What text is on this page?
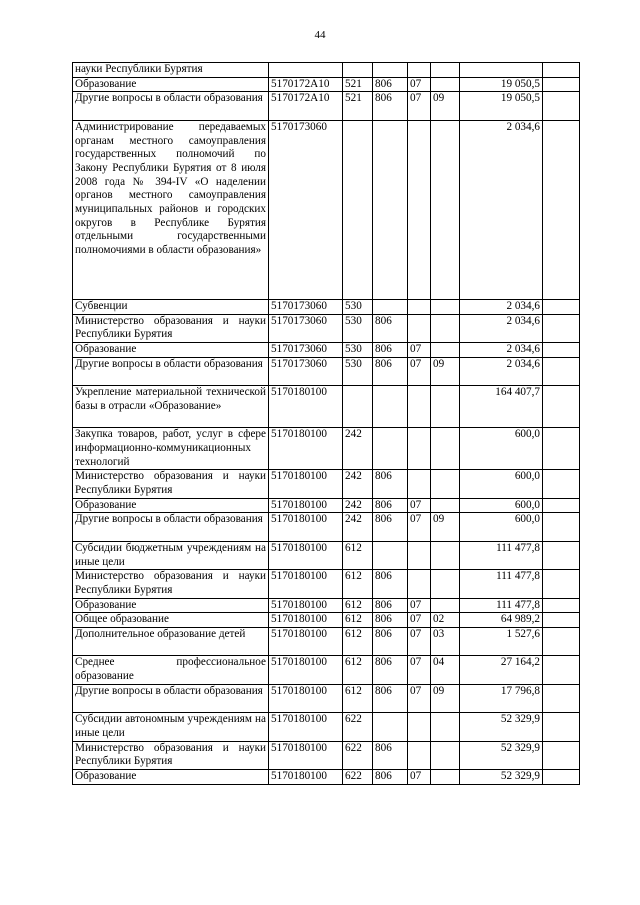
44
науки Республики Бурятия							
Образование	5170172А10	521	806	07		19 050,5	
Другие вопросы в области образования	5170172А10	521	806	07	09	19 050,5	
Администрирование передаваемых органам местного самоуправления государственных полномочий по Закону Республики Бурятия от 8 июля 2008 года № 394-IV «О наделении органов местного самоуправления муниципальных районов и городских округов в Республике Бурятия отдельными государственными полномочиями в области образования»	5170173060					2 034,6	
Субвенции	5170173060	530				2 034,6	
Министерство образования и науки Республики Бурятия	5170173060	530	806			2 034,6	
Образование	5170173060	530	806	07		2 034,6	
Другие вопросы в области образования	5170173060	530	806	07	09	2 034,6	
Укрепление материальной технической базы в отрасли «Образование»	5170180100					164 407,7	
Закупка товаров, работ, услуг в сфере информационно-коммуникационных технологий	5170180100	242				600,0	
Министерство образования и науки Республики Бурятия	5170180100	242	806			600,0	
Образование	5170180100	242	806	07		600,0	
Другие вопросы в области образования	5170180100	242	806	07	09	600,0	
Субсидии бюджетным учреждениям на иные цели	5170180100	612				111 477,8	
Министерство образования и науки Республики Бурятия	5170180100	612	806			111 477,8	
Образование	5170180100	612	806	07		111 477,8	
Общее образование	5170180100	612	806	07	02	64 989,2	
Дополнительное образование детей	5170180100	612	806	07	03	1 527,6	
Среднее профессиональное образование	5170180100	612	806	07	04	27 164,2	
Другие вопросы в области образования	5170180100	612	806	07	09	17 796,8	
Субсидии автономным учреждениям на иные цели	5170180100	622				52 329,9	
Министерство образования и науки Республики Бурятия	5170180100	622	806			52 329,9	
Образование	5170180100	622	806	07		52 329,9	
